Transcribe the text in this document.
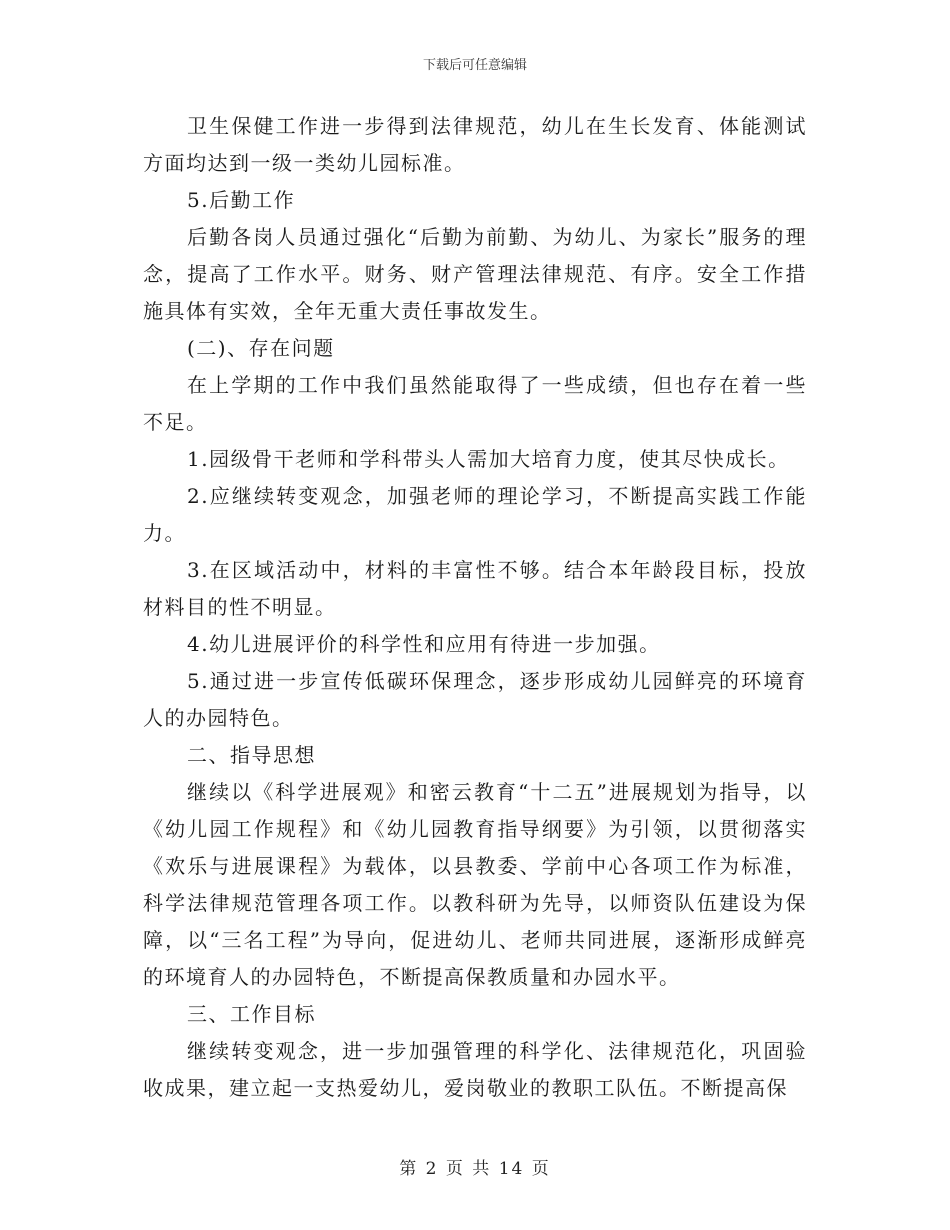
下载后可任意编辑

卫生保健工作进一步得到法律规范，幼儿在生长发育、体能测试方面均达到一级一类幼儿园标准。

5.后勤工作

后勤各岗人员通过强化“后勤为前勤、为幼儿、为家长”服务的理念，提高了工作水平。财务、财产管理法律规范、有序。安全工作措施具体有实效，全年无重大责任事故发生。

(二)、存在问题

在上学期的工作中我们虽然能取得了一些成绩，但也存在着一些不足。

1.园级骨干老师和学科带头人需加大培育力度，使其尽快成长。

2.应继续转变观念，加强老师的理论学习，不断提高实践工作能力。

3.在区域活动中，材料的丰富性不够。结合本年龄段目标，投放材料目的性不明显。

4.幼儿进展评价的科学性和应用有待进一步加强。

5.通过进一步宣传低碳环保理念，逐步形成幼儿园鲜亮的环境育人的办园特色。

二、指导思想

继续以《科学进展观》和密云教育“十二五”进展规划为指导，以《幼儿园工作规程》和《幼儿园教育指导纲要》为引领，以贯彻落实《欢乐与进展课程》为载体，以县教委、学前中心各项工作为标准，科学法律规范管理各项工作。以教科研为先导，以师资队伍建设为保障，以“三名工程”为导向，促进幼儿、老师共同进展，逐渐形成鲜亮的环境育人的办园特色，不断提高保教质量和办园水平。

三、工作目标

继续转变观念，进一步加强管理的科学化、法律规范化，巩固验收成果，建立起一支热爱幼儿，爱岗敬业的教职工队伍。不断提高保

第 2 页 共 14 页
